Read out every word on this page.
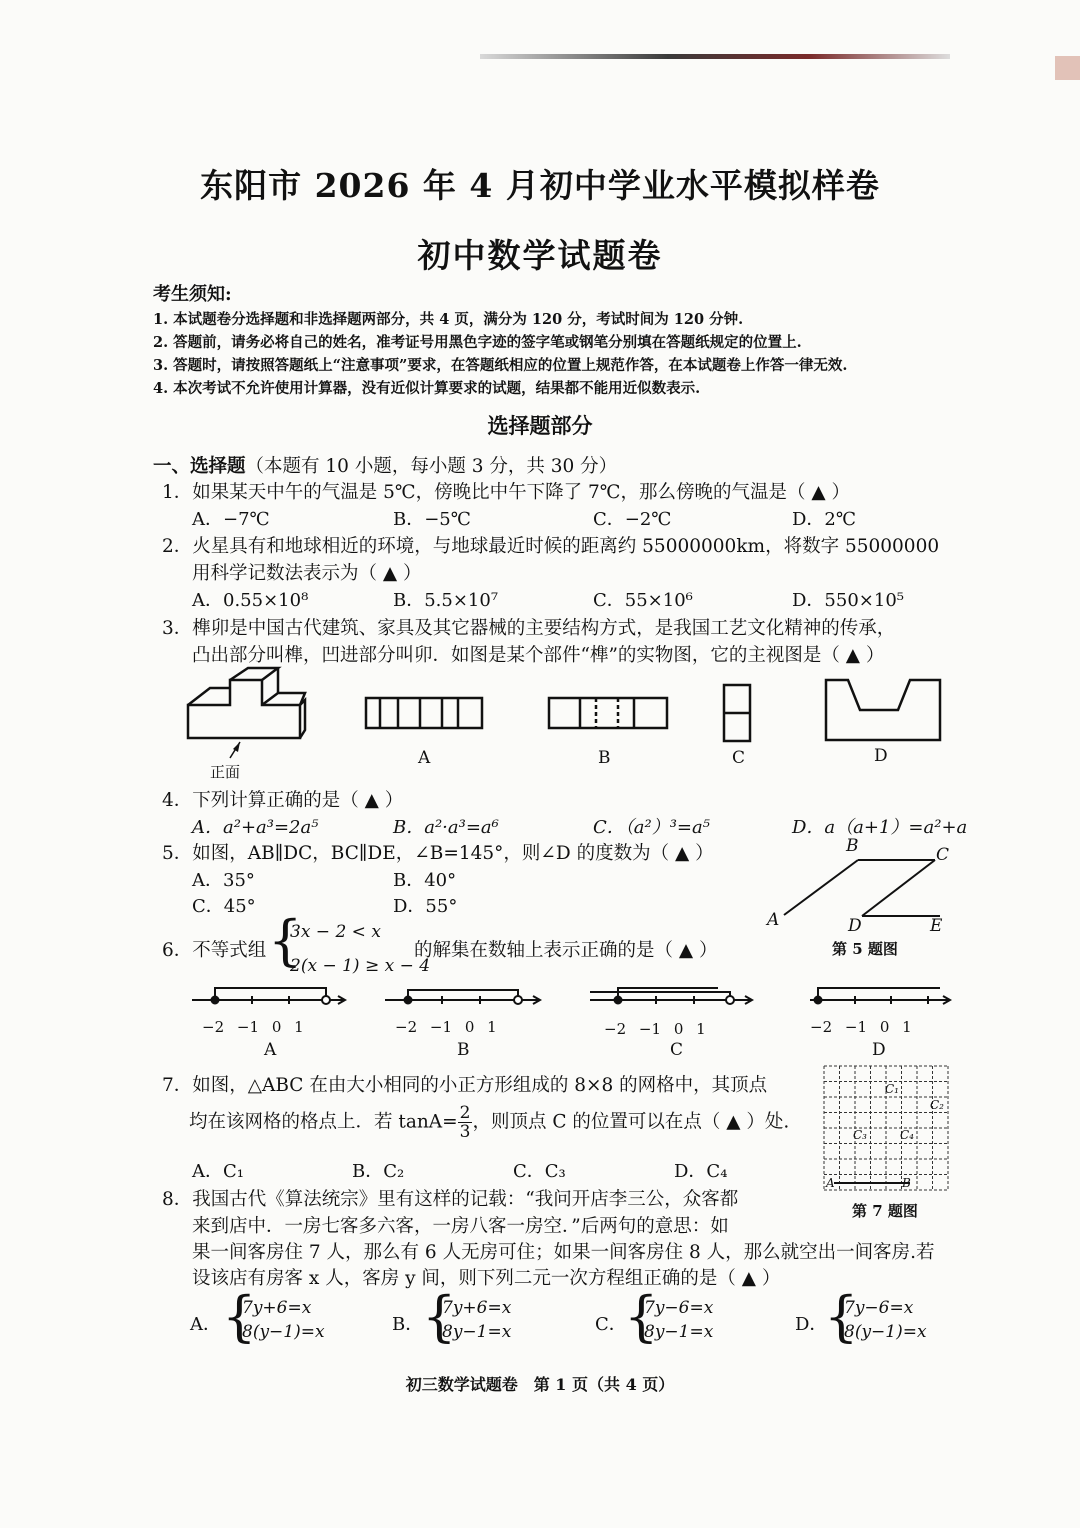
东阳市 2026 年 4 月初中学业水平模拟样卷
初中数学试题卷
考生须知:
1. 本试题卷分选择题和非选择题两部分，共 4 页，满分为 120 分，考试时间为 120 分钟.
2. 答题前，请务必将自己的姓名，准考证号用黑色字迹的签字笔或钢笔分别填在答题纸规定的位置上.
3. 答题时，请按照答题纸上“注意事项”要求，在答题纸相应的位置上规范作答，在本试题卷上作答一律无效.
4. 本次考试不允许使用计算器，没有近似计算要求的试题，结果都不能用近似数表示.
选择题部分
一、选择题（本题有 10 小题，每小题 3 分，共 30 分）
1．如果某天中午的气温是 5℃，傍晚比中午下降了 7℃，那么傍晚的气温是（ ▲ ）
A．−7℃	B．−5℃	C．−2℃	D．2℃
2．火星具有和地球相近的环境，与地球最近时候的距离约 55000000km，将数字 55000000
用科学记数法表示为（ ▲ ）
A．0.55×10⁸	B．5.5×10⁷	C．55×10⁶	D．550×10⁵
3．榫卯是中国古代建筑、家具及其它器械的主要结构方式，是我国工艺文化精神的传承，
凸出部分叫榫，凹进部分叫卯．如图是某个部件“榫”的实物图，它的主视图是（ ▲ ）
正面
A	B	C	D
4．下列计算正确的是（ ▲ ）
A．a²+a³=2a⁵	B．a²·a³=a⁶	C．（a²）³=a⁵	D．a（a+1）=a²+a
5．如图，AB∥DC，BC∥DE，∠B=145°，则∠D 的度数为（ ▲ ）
A．35°	B．40°
C．45°	D．55°
B	C
A	D	E
第 5 题图
6．不等式组 {
3x − 2 < x
2(x − 1) ≥ x − 4
的解集在数轴上表示正确的是（ ▲ ）
−2 −1 0 1	−2 −1 0 1	−2 −1 0 1	−2 −1 0 1
A	B	C	D
7．如图，△ABC 在由大小相同的小正方形组成的 8×8 的网格中，其顶点
均在该网格的格点上．若 $\tan A= \frac{2}{3}$ ，则顶点 C 的位置可以在点（ ▲ ）处.
A．C₁	B．C₂	C．C₃	D．C₄
C₁
C₂
C₃	C₄
A	B
第 7 题图
8．我国古代《算法统宗》里有这样的记载：“我问开店李三公，众客都
来到店中．一房七客多六客，一房八客一房空．”后两句的意思：如
果一间客房住 7 人，那么有 6 人无房可住；如果一间客房住 8 人，那么就空出一间客房.若
设该店有房客 x 人，客房 y 间，则下列二元一次方程组正确的是（ ▲ ）
A． {
7y+6=x
8(y−1)=x	B．
{
7y+6=x
8y−1=x	C．
{
7y−6=x
8y−1=x	D．
{
7y−6=x
8(y−1)=x
初三数学试题卷　第 1 页（共 4 页）
